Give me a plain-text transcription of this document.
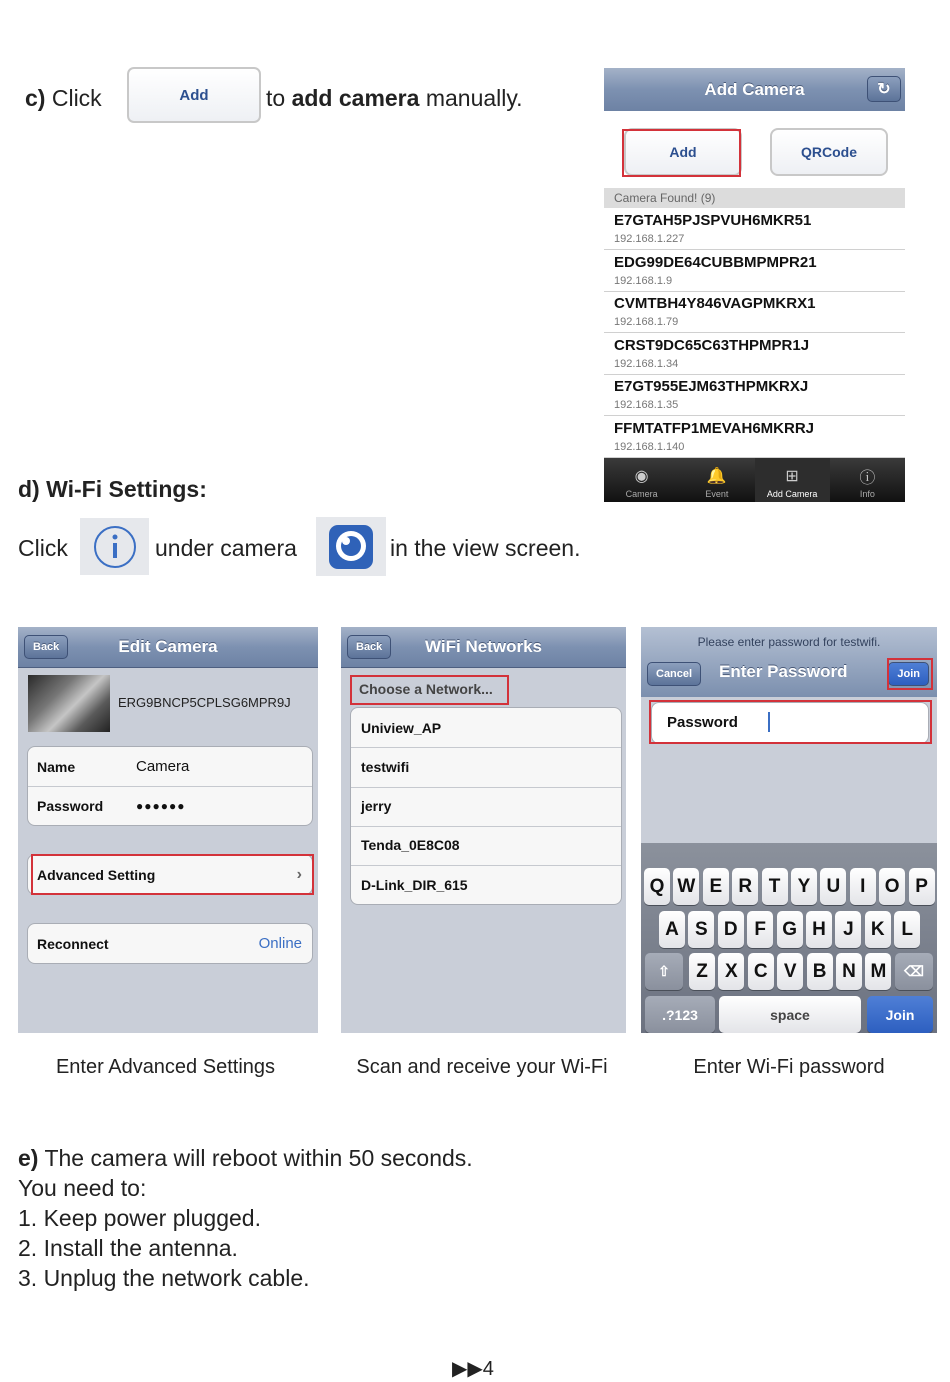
c) Click	Add to add camera manually.	Add Camera	↻
Add	QRCode
Camera Found! (9)
E7GTAH5PJSPVUH6MKR51
192.168.1.227
EDG99DE64CUBBMPMPR21
192.168.1.9
CVMTBH4Y846VAGPMKRX1
192.168.1.79
CRST9DC65C63THPMPR1J
192.168.1.34
E7GT955EJM63THPMKRXJ
192.168.1.35
FFMTATFP1MEVAH6MKRRJ
192.168.1.140
◉
Camera
🔔
Event
⊞
Add Camera
ⓘ
Info
d) Wi-Fi Settings:
Click	under camera	in the view screen.
Back	Edit Camera
ERG9BNCP5CPLSG6MPR9J
Name	Camera
Password	●●●●●●
Advanced Setting	›
Reconnect	Online
Back	WiFi Networks
Choose a Network...
Uniview_AP
testwifi
jerry
Tenda_0E8C08
D-Link_DIR_615
Please enter password for testwifi.
Cancel Enter Password	Join
Password
Q W E R T Y U	I	O P
A S D F G H J K L
Z X C V B N M
⇧	⌫
.?123	space	Join
Enter Advanced Settings	Scan and receive your Wi-Fi	Enter Wi-Fi password
e) The camera will reboot within 50 seconds.
You need to:
1. Keep power plugged.
2. Install the antenna.
3. Unplug the network cable.
▶▶4
